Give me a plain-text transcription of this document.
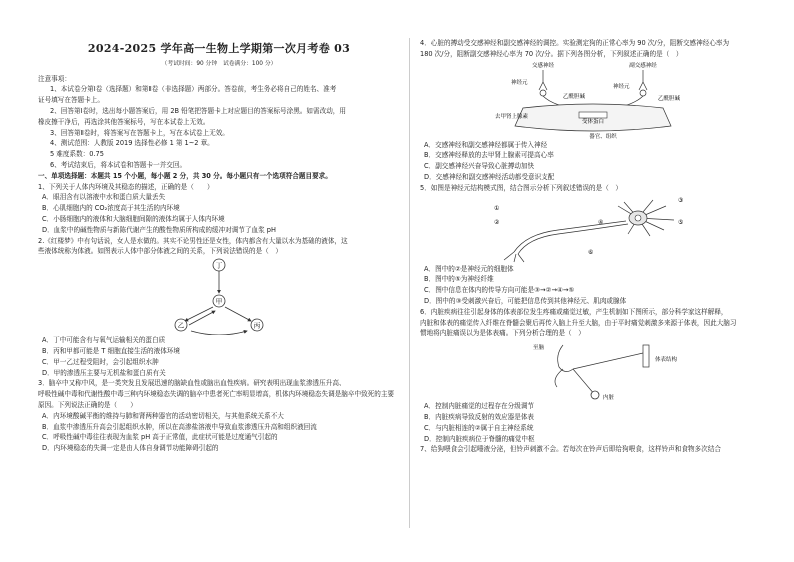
2024-2025 学年高一生物上学期第一次月考卷 03
（考试时间：90 分钟　试卷满分：100 分）

注意事项：

1、本试卷分第Ⅰ卷（选择题）和第Ⅱ卷（非选择题）两部分。答卷前，考生务必将自己的姓名、准考

证号填写在答题卡上。

2、回答第Ⅰ卷时，选出每小题答案后，用 2B 铅笔把答题卡上对应题目的答案标号涂黑。如需改动，用

橡皮擦干净后，再选涂其他答案标号，写在本试卷上无效。

3、回答第Ⅱ卷时，将答案写在答题卡上，写在本试卷上无效。

4、测试范围：人教版 2019 选择性必修 1 第 1~2 章。

5 难度系数：0.75

6、考试结束后，将本试卷和答题卡一并交回。

一、单项选择题：本题共 15 个小题，每小题 2 分，共 30 分。每小题只有一个选项符合题目要求。

1、下列关于人体内环境及其稳态的描述，正确的是（　　）

A．眼泪含有以溶液中水和蛋白质大量丢失

B．心肌细胞内的 CO₂浓度高于其生活的内环境

C．小肠细胞内的液体和大脑细胞间隙的液体均属于人体内环境

D．血浆中的碱性物质与新陈代谢产生的酸性物质所构成的缓冲对调节了血浆 pH

2.《红楼梦》中有句话说，女人是水做的。其实不论男性还是女性，体内都含有大量以水为基础的液体，这

些液体统称为体液。如图表示人体中部分体液之间的关系，下列说法错误的是（　）

丁
甲
乙	丙

A．丁中可能含有与氧气运输相关的蛋白质

B．丙和甲都可能是 T 细胞直接生活的液体环境

C．甲一乙过程受阻时，会引起组织水肿

D．甲的渗透压主要与无机盐和蛋白质有关

3．脑卒中又称中风，是一类突发且发展迅速的脑缺血性或脑出血性疾病。研究表明出现血浆渗透压升高、

呼吸性碱中毒和代谢性酸中毒三种内环境稳态失调的脑卒中患者死亡率明显增高，机体内环境稳态失调是脑卒中致死的主要

原因。下列说法正确的是（　　）

A．内环境酸碱平衡的维持与肺和肾两种器官的活动密切相关，与其他系统关系不大

B．血浆中渗透压升高会引起组织水肿，所以在高渗盐溶液中导致血浆渗透压升高和组织液回流

C．呼吸性碱中毒往往表现为血浆 pH 高于正常值，此症状可能是过度通气引起的

D．内环境稳态的失调一定是由人体自身调节功能障碍引起的

4．心脏的搏动受交感神经和副交感神经的调控。实验测定狗的正常心率为 90 次/分，阻断交感神经心率为

180 次/分，阻断副交感神经心率为 70 次/分。据下列各图分析，下列叙述正确的是（　）

交感神经	副交感神经
神经元
神经元
乙酰胆碱	乙酰胆碱
去甲肾上腺素
受体蛋白
器官、组织

A．交感神经和副交感神经都属于传入神经

B．交感神经释放的去甲肾上腺素可提高心率

C．副交感神经兴奋导致心脏搏动加快

D．交感神经和副交感神经活动都受意识支配

5．如图是神经元结构模式图，结合图示分析下列叙述错误的是（　）

①
②
③
④	⑤
⑥

A．图中的②是神经元的细胞体

B．图中的⑤为神经纤维

C．图中信息在体内的传导方向可能是③→②→④→⑤

D．图中的③受刺激兴奋后，可能把信息传到其他神经元、肌肉或腺体

6．内脏疾病往往引起身体的体表部位发生疼痛或痛觉过敏，产生机制如下图所示，部分科学家这样解释，

内脏和体表的痛觉传入纤维在脊髓会聚后再传入脑上升至大脑，由于平时痛觉刺激多来源于体表，因此大脑习

惯地将内脏痛误以为是体表痛。下列分析合理的是（　）

至脑
体表结构
内脏

A．控制内脏痛觉的过程存在分级调节

B．内脏疾病导致反射的效应器是体表

C．与内脏相连的②属于自主神经系统

D．控制内脏疾病位于脊髓的痛觉中枢

7、给狗喂食会引起唾液分泌，但铃声刺激不会。若每次在铃声后即给狗喂食，这样铃声和食物多次结合
